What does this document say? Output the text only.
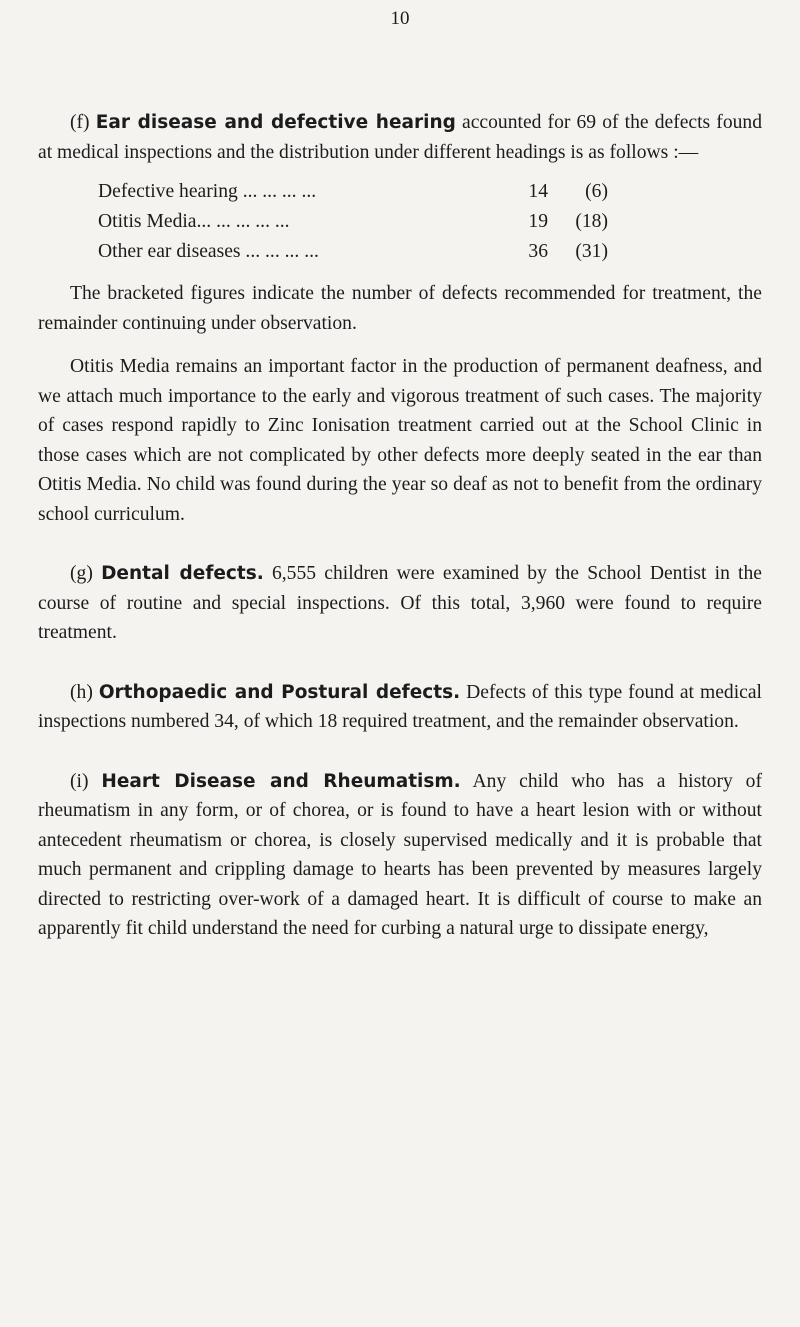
10

(f) Ear disease and defective hearing accounted for 69 of the defects found at medical inspections and the distribution under different headings is as follows :—

Defective hearing ... ... ... ...	14	(6)
Otitis Media... ... ... ... ...	19	(18)
Other ear diseases ... ... ... ...	36	(31)

The bracketed figures indicate the number of defects recommended for treatment, the remainder continuing under observation.

Otitis Media remains an important factor in the production of permanent deafness, and we attach much importance to the early and vigorous treatment of such cases. The majority of cases respond rapidly to Zinc Ionisation treatment carried out at the School Clinic in those cases which are not complicated by other defects more deeply seated in the ear than Otitis Media. No child was found during the year so deaf as not to benefit from the ordinary school curriculum.

(g) Dental defects. 6,555 children were examined by the School Dentist in the course of routine and special inspections. Of this total, 3,960 were found to require treatment.

(h) Orthopaedic and Postural defects. Defects of this type found at medical inspections numbered 34, of which 18 required treatment, and the remainder observation.

(i) Heart Disease and Rheumatism. Any child who has a history of rheumatism in any form, or of chorea, or is found to have a heart lesion with or without antecedent rheumatism or chorea, is closely supervised medically and it is probable that much permanent and crippling damage to hearts has been prevented by measures largely directed to restricting over-work of a damaged heart. It is difficult of course to make an apparently fit child understand the need for curbing a natural urge to dissipate energy,
